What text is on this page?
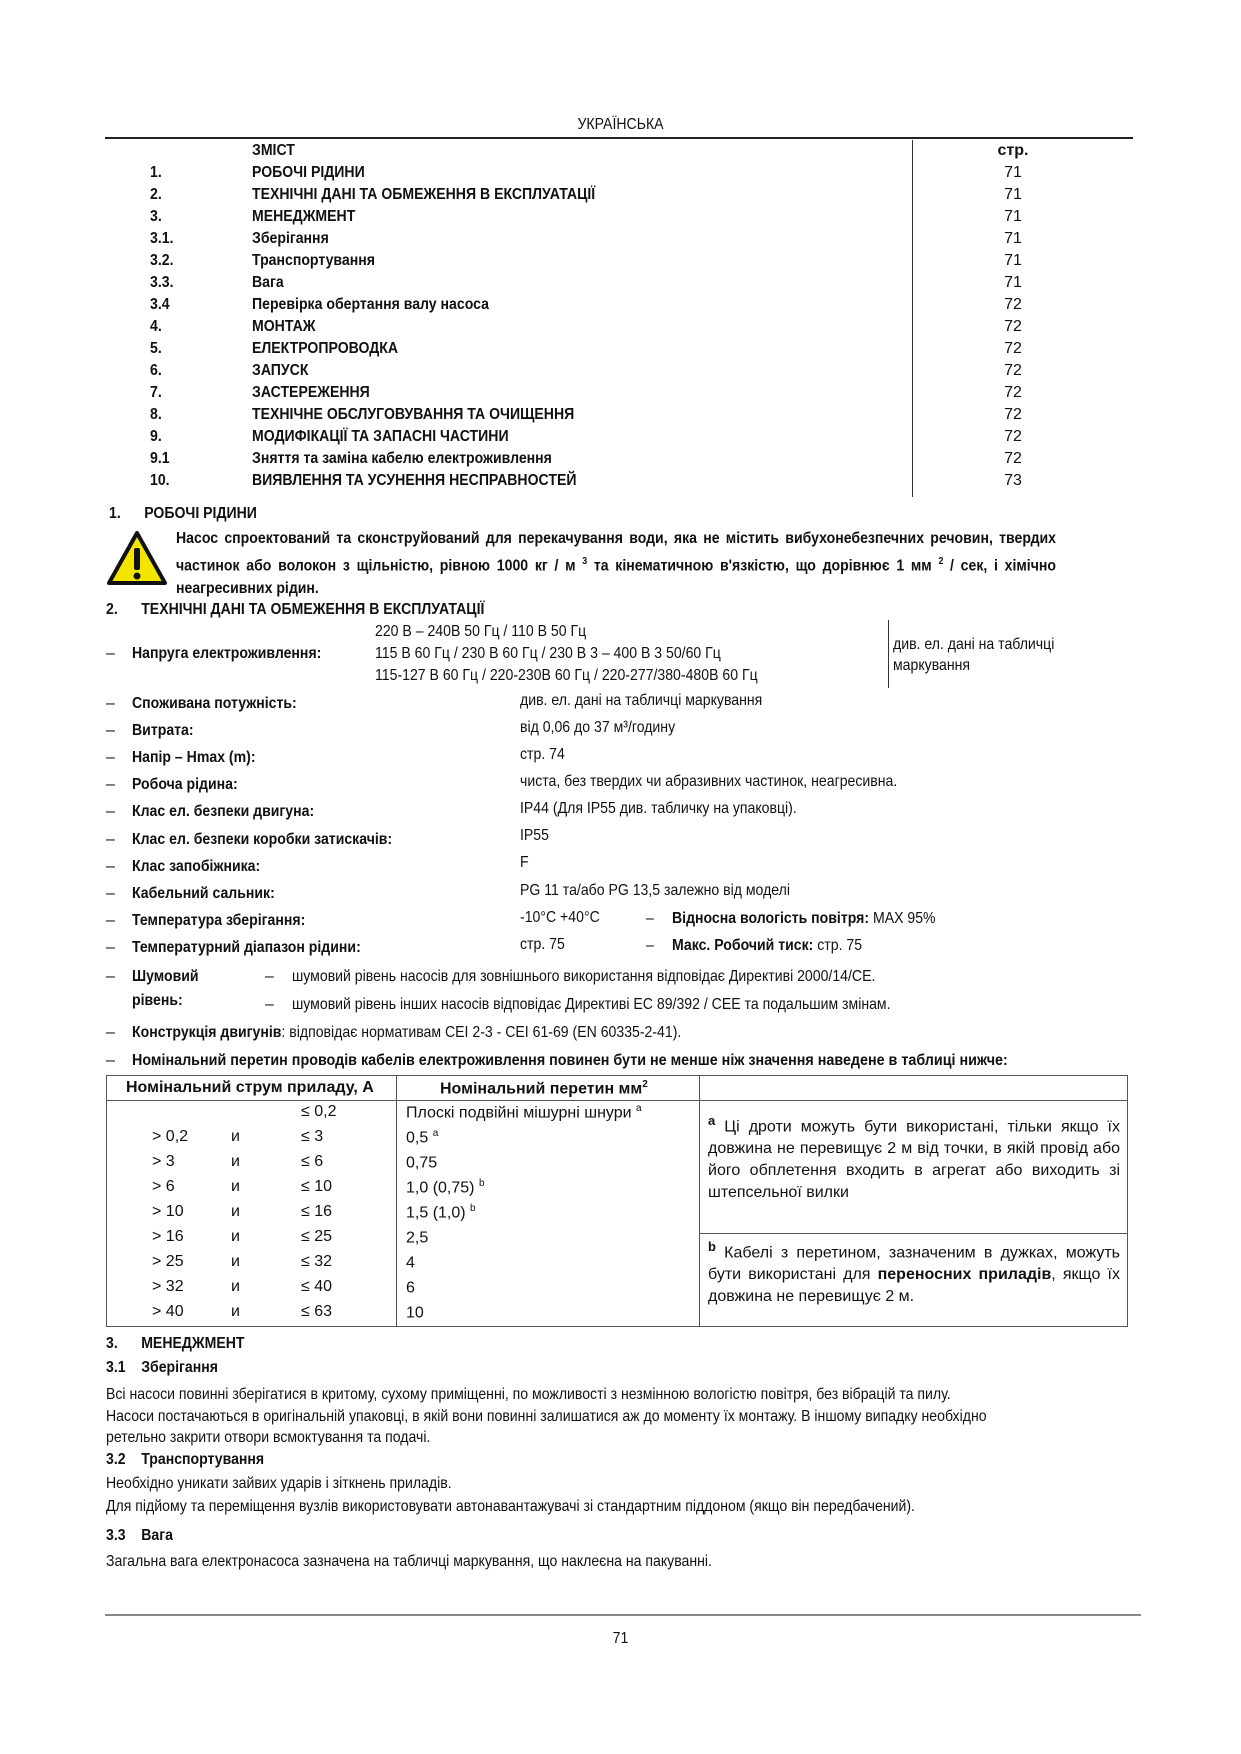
УКРАЇНСЬКА
ЗМІСТ	стр.
1.	РОБОЧІ РІДИНИ	71
2.	ТЕХНІЧНІ ДАНІ ТА ОБМЕЖЕННЯ В ЕКСПЛУАТАЦІЇ	71
3.	МЕНЕДЖМЕНТ	71
3.1.	Зберігання	71
3.2.	Транспортування	71
3.3.	Вага	71
3.4	Перевірка обертання валу насоса	72
4.	МОНТАЖ	72
5.	ЕЛЕКТРОПРОВОДКА	72
6.	ЗАПУСК	72
7.	ЗАСТЕРЕЖЕННЯ	72
8.	ТЕХНІЧНЕ ОБСЛУГОВУВАННЯ ТА ОЧИЩЕННЯ	72
9.	МОДИФІКАЦІЇ ТА ЗАПАСНІ ЧАСТИНИ	72
9.1	Зняття та заміна кабелю електроживлення	72
10.	ВИЯВЛЕННЯ ТА УСУНЕННЯ НЕСПРАВНОСТЕЙ	73
1. РОБОЧІ РІДИНИ
Насос спроектований та сконструйований для перекачування води, яка не містить вибухонебезпечних речовин, твердих частинок або волокон з щільністю, рівною 1000 кг / м $^3$ та кінематичною в'язкістю, що дорівнює 1 мм $^2$ / сек, і хімічно неагресивних рідин.
2. ТЕХНІЧНІ ДАНІ ТА ОБМЕЖЕННЯ В ЕКСПЛУАТАЦІЇ
– Напруга електроживлення:
220 В – 240В 50 Гц / 110 В 50 Гц
115 В 60 Гц / 230 В 60 Гц / 230 В 3 – 400 В 3 50/60 Гц
115-127 В 60 Гц / 220-230В 60 Гц / 220-277/380-480В 60 Гц
див. ел. дані на табличці маркування
– Споживана потужність:	див. ел. дані на табличці маркування
– Витрата:	від 0,06 до 37 м³/годину
– Напір – Hmax (m):	стр. 74
– Робоча рідина:	чиста, без твердих чи абразивних частинок, неагресивна.
– Клас ел. безпеки двигуна:	IP44 (Для IP55 див. табличку на упаковці).
– Клас ел. безпеки коробки затискачів:	IP55
– Клас запобіжника:	F
– Кабельний сальник:	PG 11 та/або PG 13,5 залежно від моделі
– Температура зберігання:	-10°C +40°C	– Відносна вологість повітря: MAX 95%
– Температурний діапазон рідини:	стр. 75	– Макс. Робочий тиск: стр. 75
– Шумовий
рівень:
– шумовий рівень насосів для зовнішнього використання відповідає Директиві 2000/14/CE.
– шумовий рівень інших насосів відповідає Директиві ЕС 89/392 / CEE та подальшим змінам.
– Конструкція двигунів: відповідає нормативам CEI 2-3 - CEI 61-69 (EN 60335-2-41).
– Номінальний перетин проводів кабелів електроживлення повинен бути не менше ніж значення наведене в таблиці нижче:
Номінальний струм приладу, А	Номінальний перетин $мм^2$
≤ 0,2	Плоскі подвійні мішурні шнури $^a$
> 0,2	и	≤ 3	0,5 $^a$
> 3	и	≤ 6	0,75
> 6	и	≤ 10	1,0 (0,75) $^b$
> 10	и	≤ 16	1,5 (1,0) $^b$
> 16	и	≤ 25	2,5
> 25	и	≤ 32	4
> 32	и	≤ 40	6
> 40	и	≤ 63	10
$^a$ Ці дроти можуть бути використані, тільки якщо їх довжина не перевищує 2 м від точки, в якій провід або його обплетення входить в агрегат або виходить зі штепсельної вилки
$^b$ Кабелі з перетином, зазначеним в дужках, можуть бути використані для переносних приладів, якщо їх довжина не перевищує 2 м.
3. МЕНЕДЖМЕНТ
3.1 Зберігання
Всі насоси повинні зберігатися в критому, сухому приміщенні, по можливості з незмінною вологістю повітря, без вібрацій та пилу.
Насоси постачаються в оригінальній упаковці, в якій вони повинні залишатися аж до моменту їх монтажу. В іншому випадку необхідно
ретельно закрити отвори всмоктування та подачі.
3.2 Транспортування
Необхідно уникати зайвих ударів і зіткнень приладів.
Для підйому та переміщення вузлів використовувати автонавантажувачі зі стандартним піддоном (якщо він передбачений).
3.3 Вага
Загальна вага електронасоса зазначена на табличці маркування, що наклеєна на пакуванні.
71
